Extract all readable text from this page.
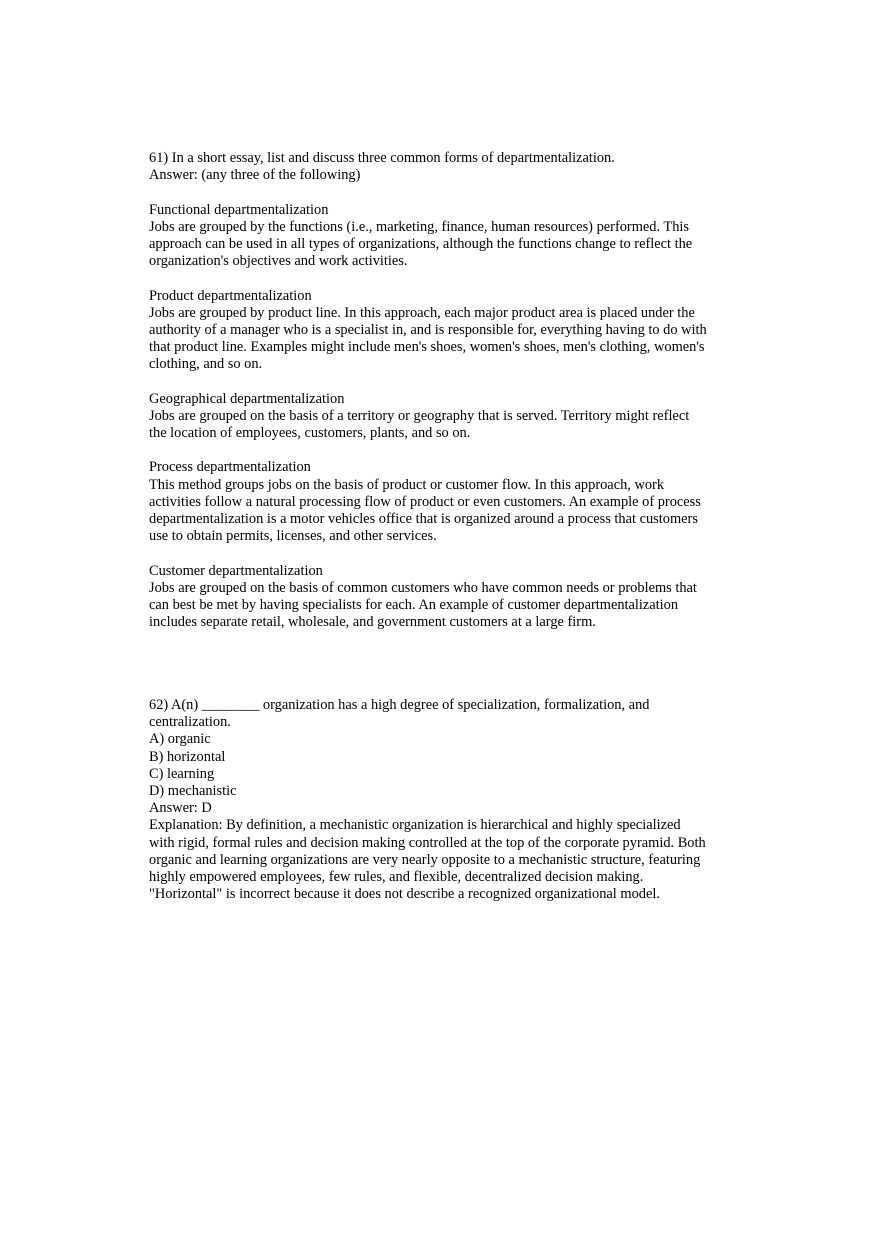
61) In a short essay, list and discuss three common forms of departmentalization.
Answer: (any three of the following)
Functional departmentalization
Jobs are grouped by the functions (i.e., marketing, finance, human resources) performed. This
approach can be used in all types of organizations, although the functions change to reflect the
organization's objectives and work activities.
Product departmentalization
Jobs are grouped by product line. In this approach, each major product area is placed under the
authority of a manager who is a specialist in, and is responsible for, everything having to do with
that product line. Examples might include men's shoes, women's shoes, men's clothing, women's
clothing, and so on.
Geographical departmentalization
Jobs are grouped on the basis of a territory or geography that is served. Territory might reflect
the location of employees, customers, plants, and so on.
Process departmentalization
This method groups jobs on the basis of product or customer flow. In this approach, work
activities follow a natural processing flow of product or even customers. An example of process
departmentalization is a motor vehicles office that is organized around a process that customers
use to obtain permits, licenses, and other services.
Customer departmentalization
Jobs are grouped on the basis of common customers who have common needs or problems that
can best be met by having specialists for each. An example of customer departmentalization
includes separate retail, wholesale, and government customers at a large firm.
62) A(n) ________ organization has a high degree of specialization, formalization, and
centralization.
A) organic
B) horizontal
C) learning
D) mechanistic
Answer: D
Explanation: By definition, a mechanistic organization is hierarchical and highly specialized
with rigid, formal rules and decision making controlled at the top of the corporate pyramid. Both
organic and learning organizations are very nearly opposite to a mechanistic structure, featuring
highly empowered employees, few rules, and flexible, decentralized decision making.
"Horizontal" is incorrect because it does not describe a recognized organizational model.
